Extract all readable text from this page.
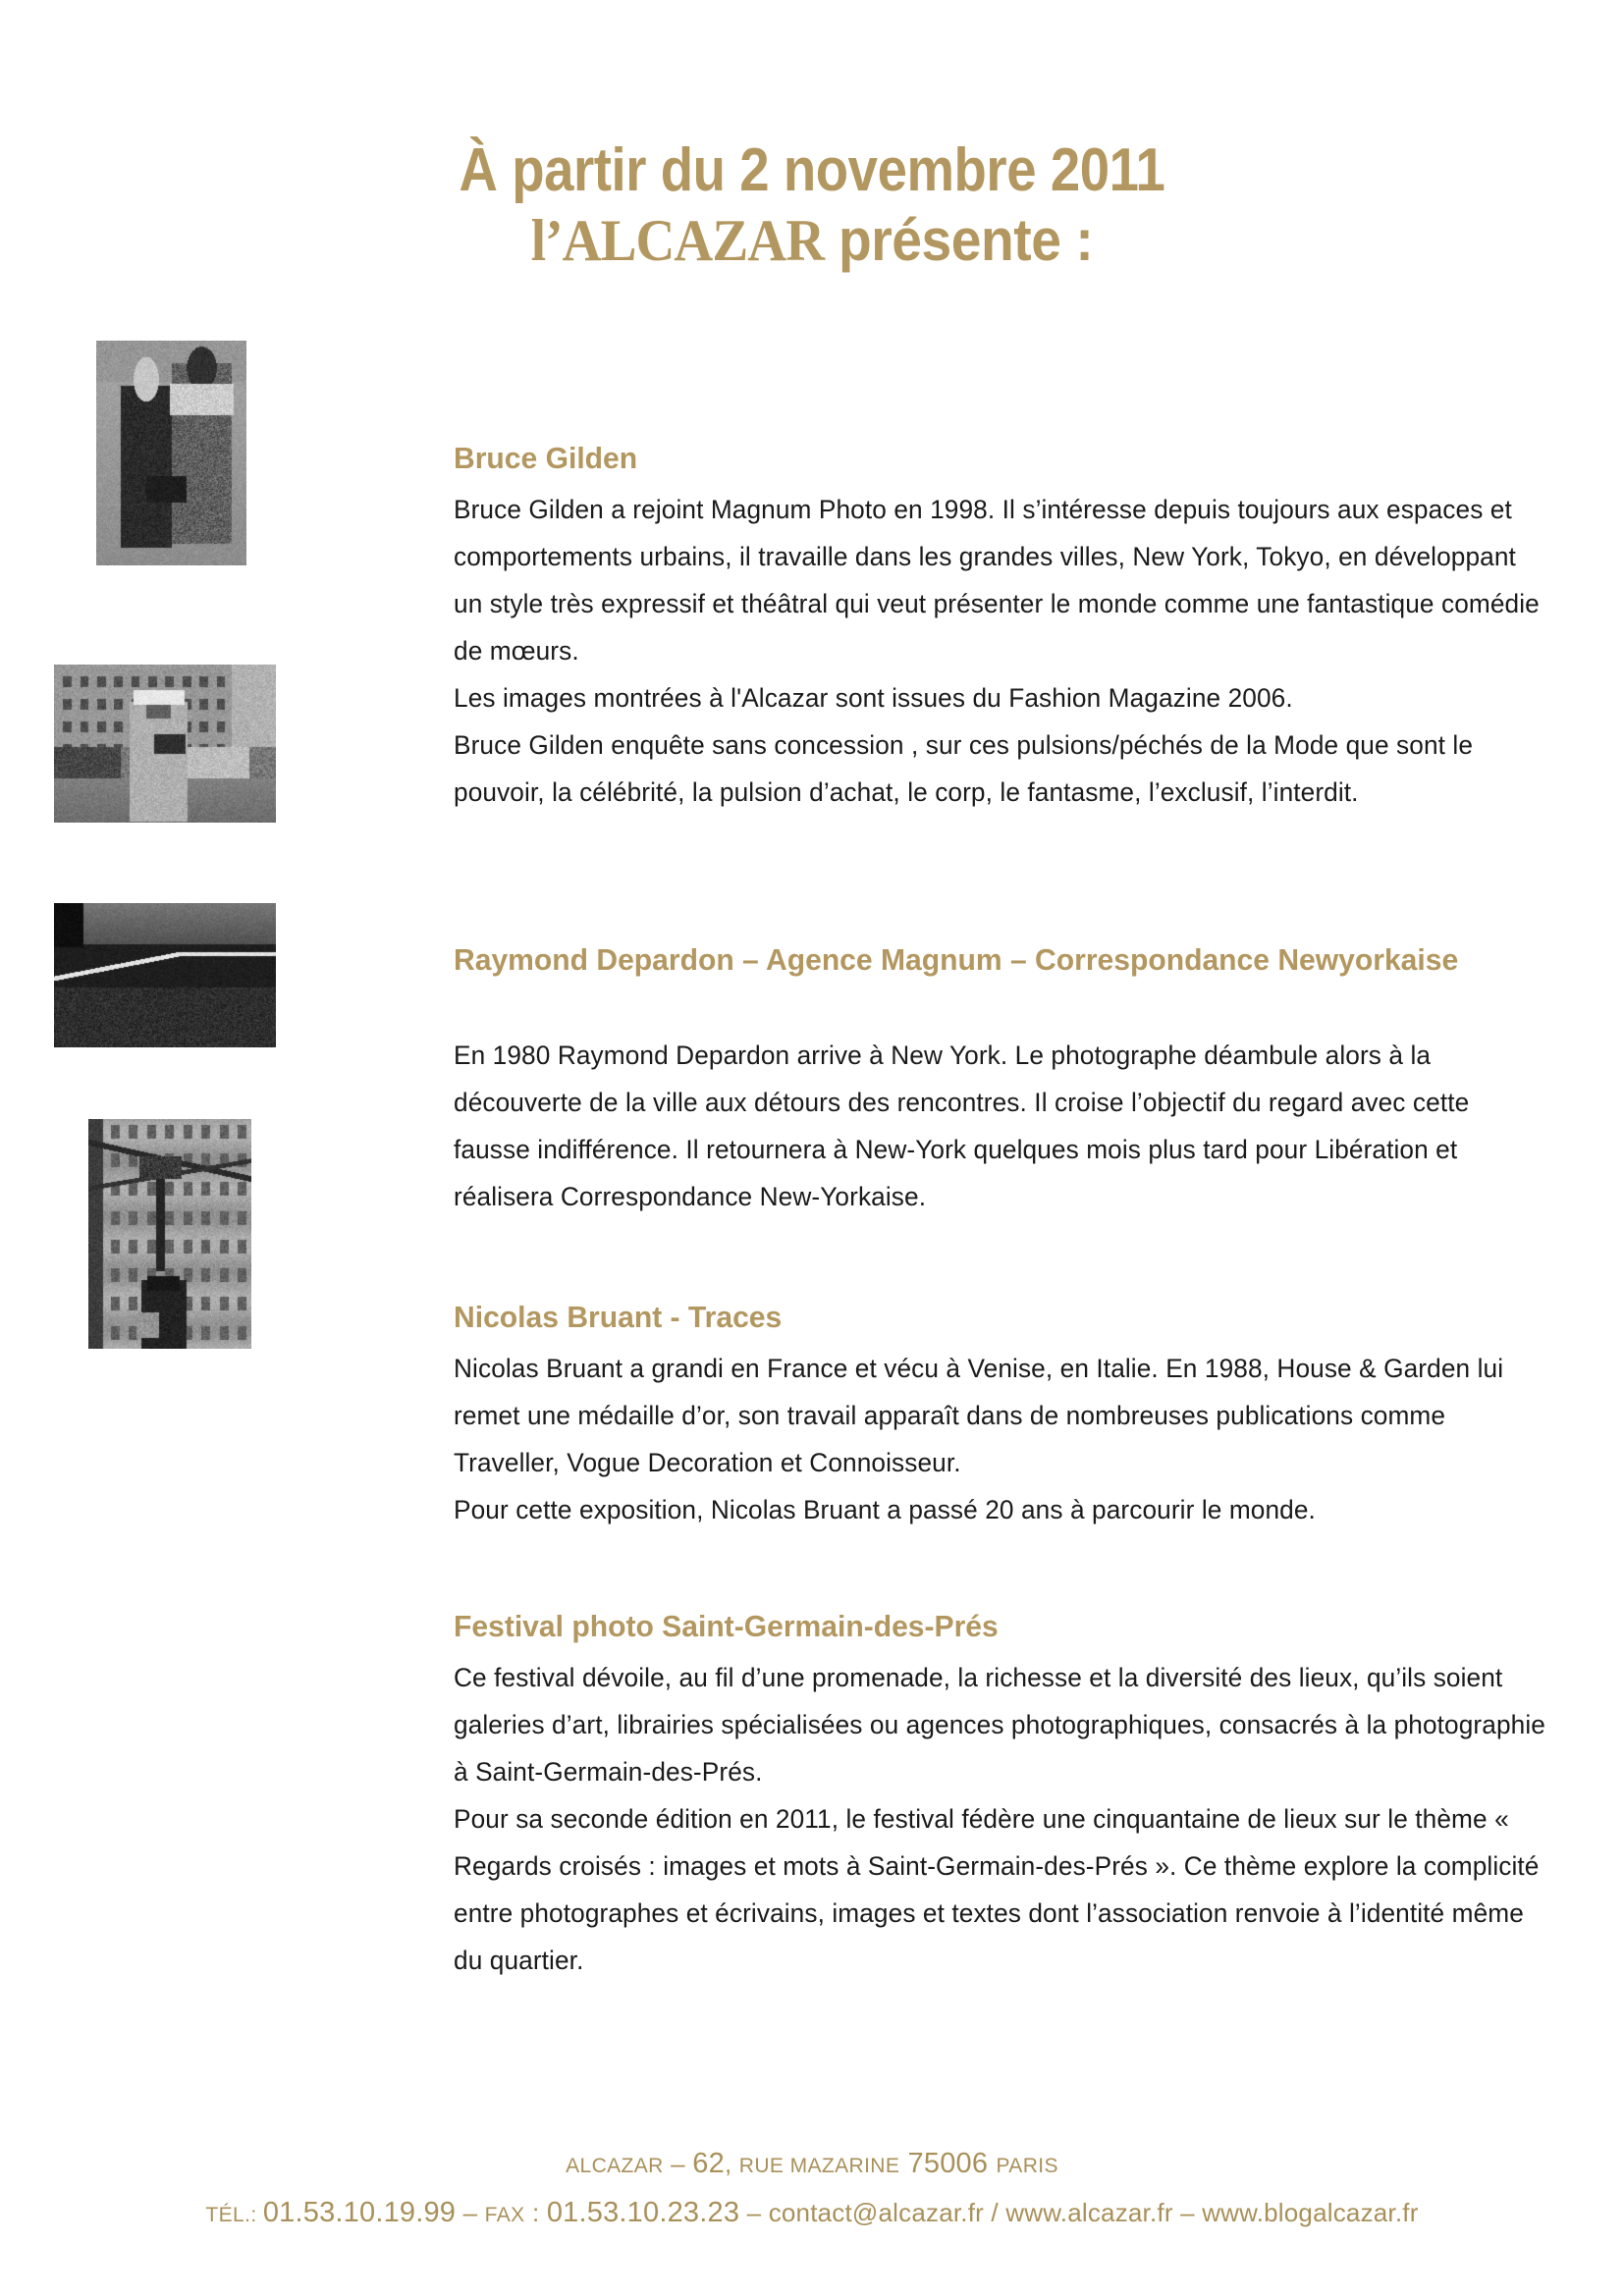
À partir du 2 novembre 2011
l’ALCAZAR présente :
Bruce Gilden

Bruce Gilden a rejoint Magnum Photo en 1998. Il s’intéresse depuis toujours aux espaces et comportements urbains, il travaille dans les grandes villes, New York, Tokyo, en développant un style très expressif et théâtral qui veut présenter le monde comme une fantastique comédie de mœurs.

Les images montrées à l'Alcazar sont issues du Fashion Magazine 2006.

Bruce Gilden enquête sans concession , sur ces pulsions/péchés de la Mode que sont le pouvoir, la célébrité, la pulsion d’achat, le corp, le fantasme, l’exclusif, l’interdit.

Raymond Depardon – Agence Magnum – Correspondance Newyorkaise

En 1980 Raymond Depardon arrive à New York. Le photographe déambule alors à la découverte de la ville aux détours des rencontres. Il croise l’objectif du regard avec cette fausse indifférence. Il retournera à New-York quelques mois plus tard pour Libération et réalisera Correspondance New-Yorkaise.

Nicolas Bruant - Traces

Nicolas Bruant a grandi en France et vécu à Venise, en Italie. En 1988, House & Garden lui remet une médaille d’or, son travail apparaît dans de nombreuses publications comme Traveller, Vogue Decoration et Connoisseur.

Pour cette exposition, Nicolas Bruant a passé 20 ans à parcourir le monde.

Festival photo Saint-Germain-des-Prés

Ce festival dévoile, au fil d’une promenade, la richesse et la diversité des lieux, qu’ils soient galeries d’art, librairies spécialisées ou agences photographiques, consacrés à la photographie à Saint-Germain-des-Prés.

Pour sa seconde édition en 2011, le festival fédère une cinquantaine de lieux sur le thème « Regards croisés : images et mots à Saint-Germain-des-Prés ». Ce thème explore la complicité entre photographes et écrivains, images et textes dont l’association renvoie à l’identité même du quartier.

ALCAZAR – 62, RUE MAZARINE 75006 PARIS
TÉL.: 01.53.10.19.99 – FAX : 01.53.10.23.23 – contact@alcazar.fr / www.alcazar.fr – www.blogalcazar.fr
